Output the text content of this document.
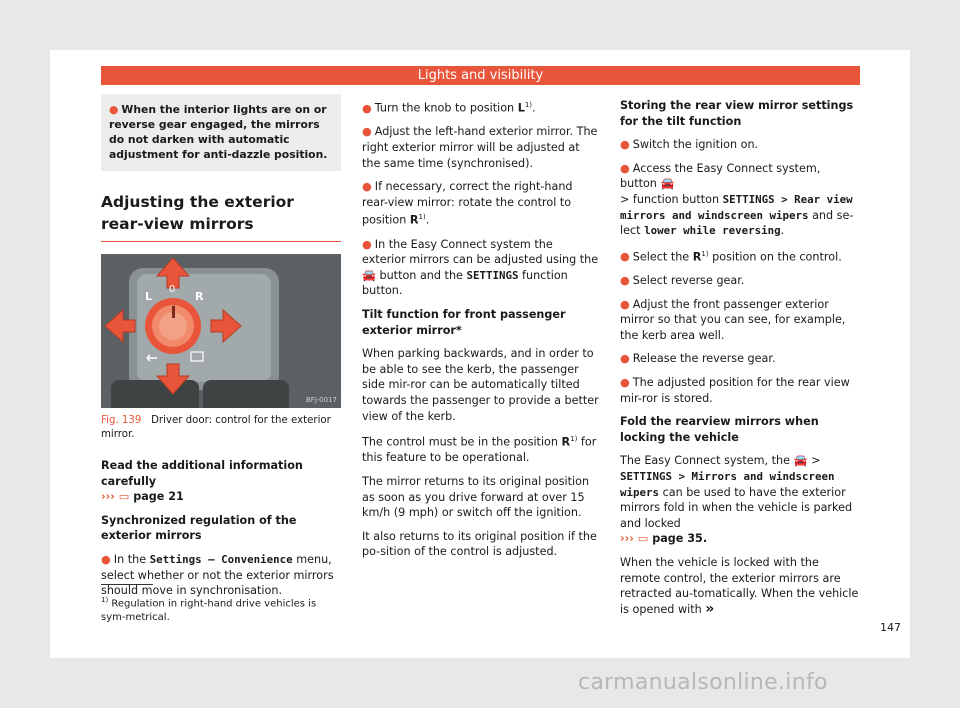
Lights and visibility
● When the interior lights are on or reverse gear engaged, the mirrors do not darken with automatic adjustment for anti-dazzle position.
Adjusting the exterior rear-view mirrors
L
0
R
BFJ-0017
Fig. 139 Driver door: control for the exterior mirror.

Read the additional information carefully
››› ▭ page 21

Synchronized regulation of the exterior mirrors

● In the Settings – Convenience menu, select whether or not the exterior mirrors should move in synchronisation.

● Turn the knob to position $L^{1)}$.

● Adjust the left-hand exterior mirror. The right exterior mirror will be adjusted at the same time (synchronised).

● If necessary, correct the right-hand rear-view mirror: rotate the control to position $R^{1)}$.

● In the Easy Connect system the exterior mirrors can be adjusted using the 🚘 button and the SETTINGS function button.

Tilt function for front passenger exterior mirror*

When parking backwards, and in order to be able to see the kerb, the passenger side mir-ror can be automatically tilted towards the passenger to provide a better view of the kerb.

The control must be in the position $R^{1)}$ for this feature to be operational.

The mirror returns to its original position as soon as you drive forward at over 15 km/h (9 mph) or switch off the ignition.

It also returns to its original position if the po-sition of the control is adjusted.

Storing the rear view mirror settings for the tilt function

● Switch the ignition on.

● Access the Easy Connect system, button 🚘
> function button SETTINGS > Rear view mirrors and windscreen wipers and se-lect lower while reversing.

● Select the $R^{1)}$ position on the control.

● Select reverse gear.

● Adjust the front passenger exterior mirror so that you can see, for example, the kerb area well.

● Release the reverse gear.

● The adjusted position for the rear view mir-ror is stored.

Fold the rearview mirrors when locking the vehicle

The Easy Connect system, the 🚘 > SETTINGS > Mirrors and windscreen wipers can be used to have the exterior mirrors fold in when the vehicle is parked and locked
››› ▭ page 35.

When the vehicle is locked with the remote control, the exterior mirrors are retracted au-tomatically. When the vehicle is opened with »

$^{1)}$ Regulation in right-hand drive vehicles is sym-metrical.
147
carmanualsonline.info
